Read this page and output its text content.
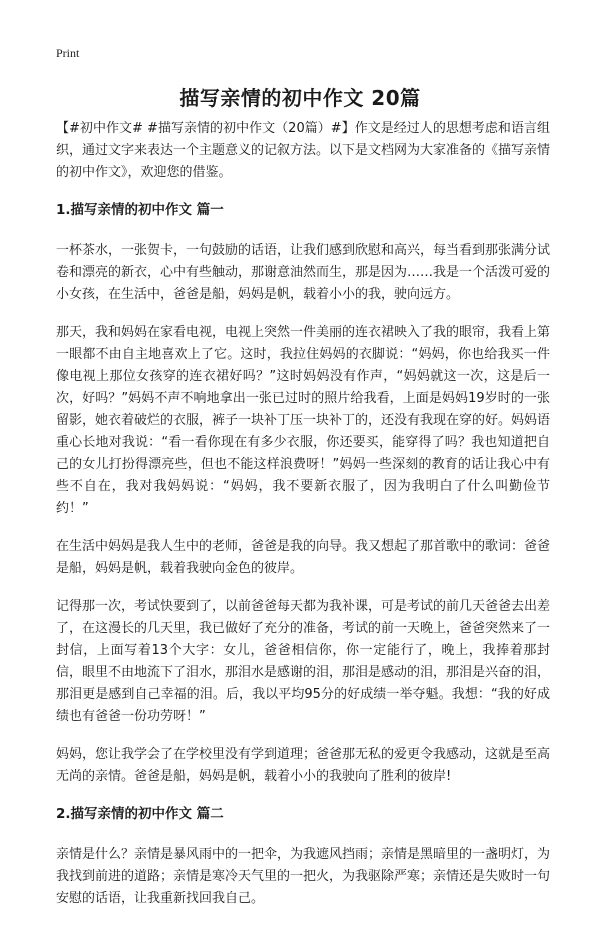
Print
描写亲情的初中作文 20篇

【#初中作文# #描写亲情的初中作文（20篇）#】作文是经过人的思想考虑和语言组织，通过文字来表达一个主题意义的记叙方法。以下是文档网为大家准备的《描写亲情的初中作文》，欢迎您的借鉴。

1.描写亲情的初中作文 篇一

一杯茶水，一张贺卡，一句鼓励的话语，让我们感到欣慰和高兴，每当看到那张满分试卷和漂亮的新衣，心中有些触动，那谢意油然而生，那是因为……我是一个活泼可爱的小女孩，在生活中，爸爸是船，妈妈是帆，载着小小的我，驶向远方。

那天，我和妈妈在家看电视，电视上突然一件美丽的连衣裙映入了我的眼帘，我看上第一眼都不由自主地喜欢上了它。这时，我拉住妈妈的衣脚说：“妈妈，你也给我买一件像电视上那位女孩穿的连衣裙好吗？”这时妈妈没有作声，“妈妈就这一次，这是后一次，好吗？”妈妈不声不响地拿出一张已过时的照片给我看，上面是妈妈19岁时的一张留影，她衣着破烂的衣服，裤子一块补丁压一块补丁的，还没有我现在穿的好。妈妈语重心长地对我说：“看一看你现在有多少衣服，你还要买，能穿得了吗？我也知道把自己的女儿打扮得漂亮些，但也不能这样浪费呀！”妈妈一些深刻的教育的话让我心中有些不自在，我对我妈妈说：“妈妈，我不要新衣服了，因为我明白了什么叫勤俭节约！”

在生活中妈妈是我人生中的老师，爸爸是我的向导。我又想起了那首歌中的歌词：爸爸是船，妈妈是帆，载着我驶向金色的彼岸。

记得那一次，考试快要到了，以前爸爸每天都为我补课，可是考试的前几天爸爸去出差了，在这漫长的几天里，我已做好了充分的准备，考试的前一天晚上，爸爸突然来了一封信，上面写着13个大字：女儿，爸爸相信你，你一定能行了，晚上，我捧着那封信，眼里不由地流下了泪水，那泪水是感谢的泪，那泪是感动的泪，那泪是兴奋的泪，那泪更是感到自己幸福的泪。后，我以平均95分的好成绩一举夺魁。我想：“我的好成绩也有爸爸一份功劳呀！”

妈妈，您让我学会了在学校里没有学到道理；爸爸那无私的爱更令我感动，这就是至高无尚的亲情。爸爸是船，妈妈是帆，载着小小的我驶向了胜利的彼岸!

2.描写亲情的初中作文 篇二

亲情是什么？亲情是暴风雨中的一把伞，为我遮风挡雨；亲情是黑暗里的一盏明灯，为我找到前进的道路；亲情是寒冷天气里的一把火，为我驱除严寒；亲情还是失败时一句安慰的话语，让我重新找回我自己。
